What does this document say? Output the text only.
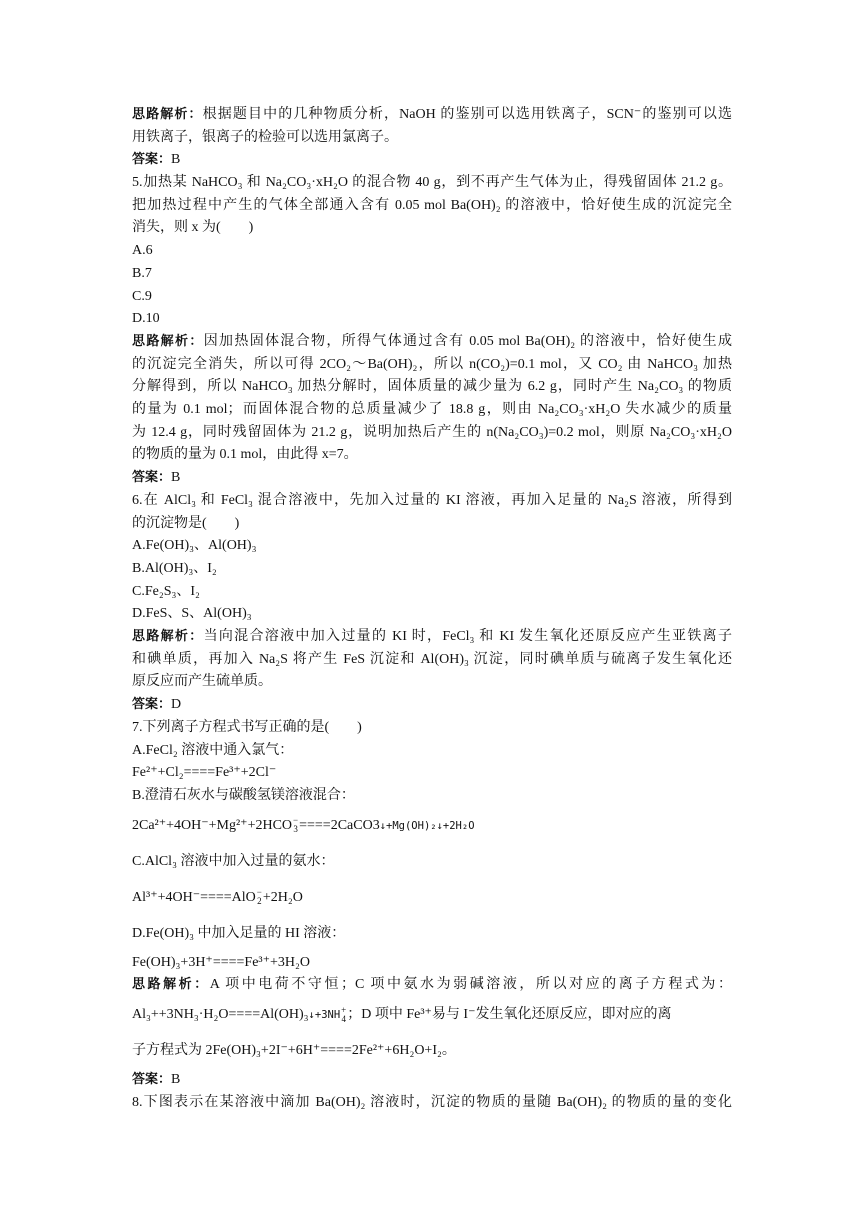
思路解析：根据题目中的几种物质分析，NaOH 的鉴别可以选用铁离子，SCN⁻的鉴别可以选
用铁离子，银离子的检验可以选用氯离子。
答案：B
5.加热某 NaHCO₃ 和 Na₂CO₃·xH₂O 的混合物 40 g，到不再产生气体为止，得残留固体 21.2 g。
把加热过程中产生的气体全部通入含有 0.05 mol Ba(OH)₂ 的溶液中，恰好使生成的沉淀完全
消失，则 x 为(　　)
A.6
B.7
C.9
D.10
思路解析：因加热固体混合物，所得气体通过含有 0.05 mol Ba(OH)₂ 的溶液中，恰好使生成
的沉淀完全消失，所以可得 2CO₂～Ba(OH)₂，所以 n(CO₂)=0.1 mol，又 CO₂ 由 NaHCO₃ 加热
分解得到，所以 NaHCO₃ 加热分解时，固体质量的减少量为 6.2 g，同时产生 Na₂CO₃ 的物质
的量为 0.1 mol；而固体混合物的总质量减少了 18.8 g，则由 Na₂CO₃·xH₂O 失水减少的质量
为 12.4 g，同时残留固体为 21.2 g，说明加热后产生的 n(Na₂CO₃)=0.2 mol，则原 Na₂CO₃·xH₂O
的物质的量为 0.1 mol，由此得 x=7。
答案：B
6.在 AlCl₃ 和 FeCl₃ 混合溶液中，先加入过量的 KI 溶液，再加入足量的 Na₂S 溶液，所得到
的沉淀物是(　　)
A.Fe(OH)₃、Al(OH)₃
B.Al(OH)₃、I₂
C.Fe₂S₃、I₂
D.FeS、S、Al(OH)₃
思路解析：当向混合溶液中加入过量的 KI 时，FeCl₃ 和 KI 发生氧化还原反应产生亚铁离子
和碘单质，再加入 Na₂S 将产生 FeS 沉淀和 Al(OH)₃ 沉淀，同时碘单质与硫离子发生氧化还
原反应而产生硫单质。
答案：D
7.下列离子方程式书写正确的是(　　)
A.FeCl₂ 溶液中通入氯气：
Fe²⁺+Cl₂====Fe³⁺+2Cl⁻
B.澄清石灰水与碳酸氢镁溶液混合：
2Ca²⁺+4OH⁻+Mg²⁺+2HCO −
3 ====2CaCO3↓+Mg(OH)₂↓+2H₂O
C.AlCl₃ 溶液中加入过量的氨水：
Al³⁺+4OH⁻====AlO −
2 +2H₂O
D.Fe(OH)₃ 中加入足量的 HI 溶液：
Fe(OH)₃+3H⁺====Fe³⁺+3H₂O
思路解析：A 项中电荷不守恒；C 项中氨水为弱碱溶液，所以对应的离子方程式为：
Al₃++3NH₃·H₂O====Al(OH)₃↓+3NH +
4 ；D 项中 Fe³⁺易与 I⁻发生氧化还原反应，即对应的离
子方程式为 2Fe(OH)₃+2I⁻+6H⁺====2Fe²⁺+6H₂O+I₂。
答案：B
8.下图表示在某溶液中滴加 Ba(OH)₂ 溶液时，沉淀的物质的量随 Ba(OH)₂ 的物质的量的变化
